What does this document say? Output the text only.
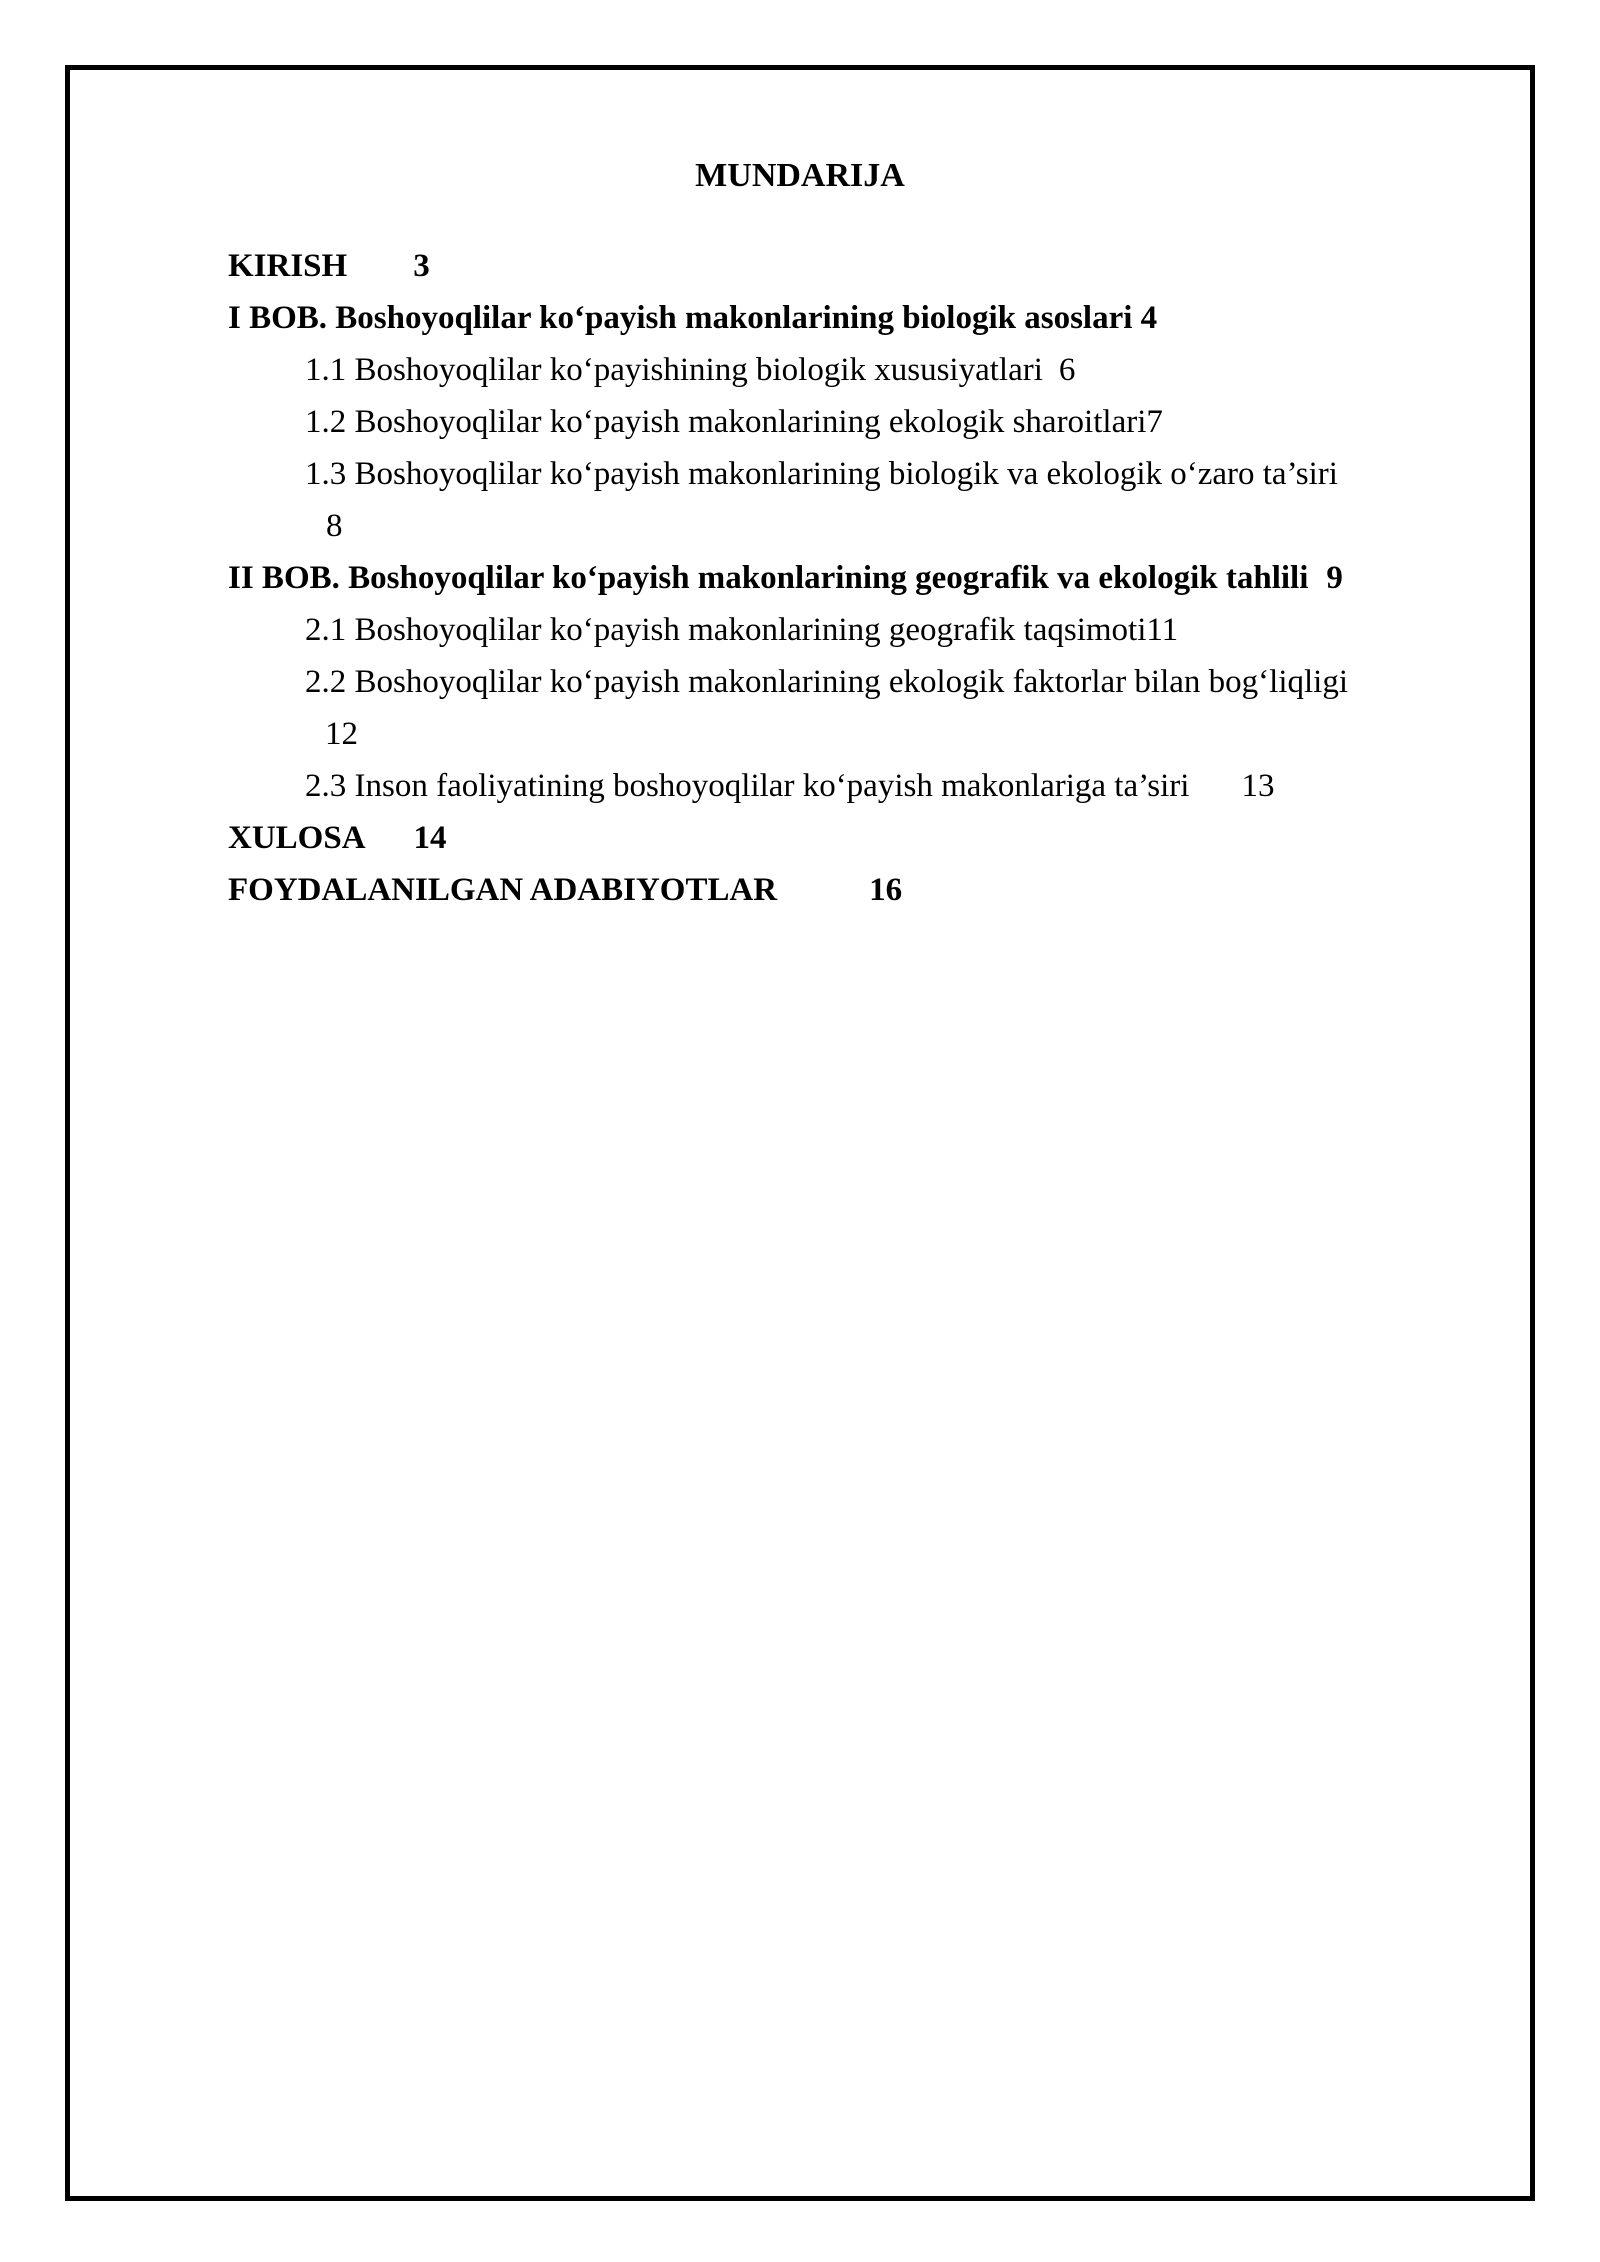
MUNDARIJA
KIRISH 3
I BOB. Boshoyoqlilar ko‘payish makonlarining biologik asoslari 4
1.1 Boshoyoqlilar ko‘payishining biologik xususiyatlari 6
1.2 Boshoyoqlilar ko‘payish makonlarining ekologik sharoitlari7
1.3 Boshoyoqlilar ko‘payish makonlarining biologik va ekologik o‘zaro ta’siri
8
II BOB. Boshoyoqlilar ko‘payish makonlarining geografik va ekologik tahlili 9
2.1 Boshoyoqlilar ko‘payish makonlarining geografik taqsimoti11
2.2 Boshoyoqlilar ko‘payish makonlarining ekologik faktorlar bilan bog‘liqligi
12
2.3 Inson faoliyatining boshoyoqlilar ko‘payish makonlariga ta’siri 13
XULOSA 14
FOYDALANILGAN ADABIYOTLAR	16
